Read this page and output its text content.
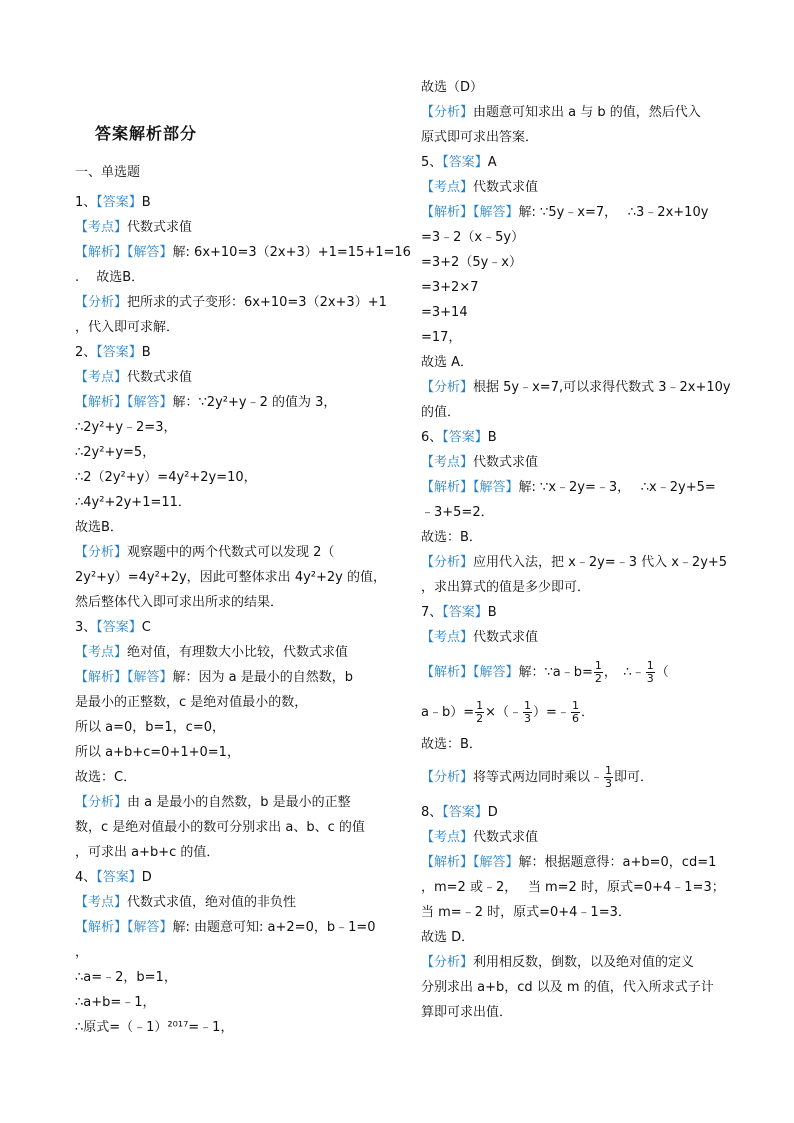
答案解析部分
一、单选题
1、【答案】B
【考点】代数式求值
【解析】【解答】解: 6x+10=3（2x+3）+1=15+1=16
.　 故选B．
【分析】把所求的式子变形：6x+10=3（2x+3）+1
，代入即可求解．
2、【答案】B
【考点】代数式求值
【解析】【解答】解：∵2y²+y﹣2 的值为 3，
∴2y²+y﹣2=3，
∴2y²+y=5，
∴2（2y²+y）=4y²+2y=10，
∴4y²+2y+1=11．
故选B．
【分析】观察题中的两个代数式可以发现 2（
2y²+y）=4y²+2y，因此可整体求出 4y²+2y 的值，
然后整体代入即可求出所求的结果．
3、【答案】C
【考点】绝对值，有理数大小比较，代数式求值
【解析】【解答】解：因为 a 是最小的自然数，b
是最小的正整数，c 是绝对值最小的数，
所以 a=0，b=1，c=0，
所以 a+b+c=0+1+0=1，
故选：C．
【分析】由 a 是最小的自然数，b 是最小的正整
数，c 是绝对值最小的数可分别求出 a、b、c 的值
，可求出 a+b+c 的值．
4、【答案】D
【考点】代数式求值，绝对值的非负性
【解析】【解答】解: 由题意可知: a+2=0，b﹣1=0
，
∴a=﹣2，b=1，
∴a+b=﹣1，
∴原式=（﹣1）²⁰¹⁷=﹣1，
故选（D）
【分析】由题意可知求出 a 与 b 的值，然后代入
原式即可求出答案．
5、【答案】A
【考点】代数式求值
【解析】【解答】解: ∵5y﹣x=7，　 ∴3﹣2x+10y
=3﹣2（x﹣5y）
=3+2（5y﹣x）
=3+2×7
=3+14
=17，
故选 A．
【分析】根据 5y﹣x=7,可以求得代数式 3﹣2x+10y
的值．
6、【答案】B
【考点】代数式求值
【解析】【解答】解: ∵x﹣2y=﹣3，　 ∴x﹣2y+5=
﹣3+5=2．
故选：B．
【分析】应用代入法，把 x﹣2y=﹣3 代入 x﹣2y+5
，求出算式的值是多少即可．
7、【答案】B
【考点】代数式求值
【解析】【解答】解：∵a﹣b= $\frac{1}{2}$ ，　∴﹣ $\frac{1}{3}$ （
a﹣b）= $\frac{1}{2}$ ×（﹣ $\frac{1}{3}$ ）=﹣ $\frac{1}{6}$ ．
故选：B．
【分析】将等式两边同时乘以﹣ $\frac{1}{3}$ 即可．
8、【答案】D
【考点】代数式求值
【解析】【解答】解：根据题意得：a+b=0，cd=1
，m=2 或﹣2，　 当 m=2 时，原式=0+4﹣1=3；
当 m=﹣2 时，原式=0+4﹣1=3．
故选 D．
【分析】利用相反数，倒数，以及绝对值的定义
分别求出 a+b，cd 以及 m 的值，代入所求式子计
算即可求出值．
